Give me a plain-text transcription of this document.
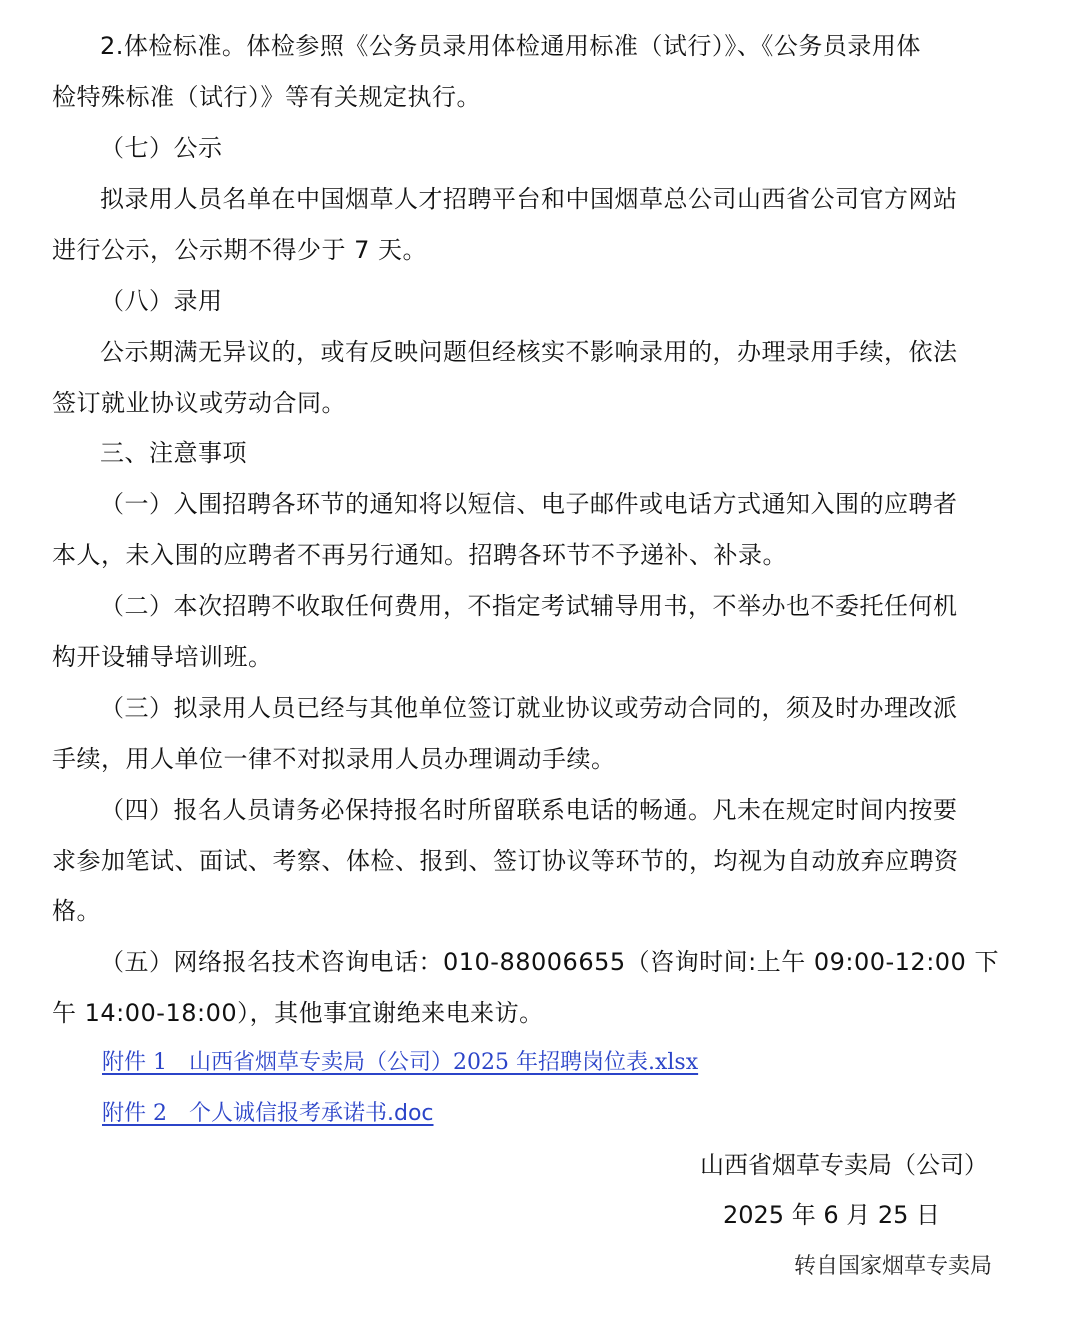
2.体检标准。体检参照《公务员录用体检通用标准（试行）》、《公务员录用体
检特殊标准（试行）》等有关规定执行。
（七）公示
拟录用人员名单在中国烟草人才招聘平台和中国烟草总公司山西省公司官方网站
进行公示，公示期不得少于 7 天。
（八）录用
公示期满无异议的，或有反映问题但经核实不影响录用的，办理录用手续，依法
签订就业协议或劳动合同。
三、注意事项
（一）入围招聘各环节的通知将以短信、电子邮件或电话方式通知入围的应聘者
本人，未入围的应聘者不再另行通知。招聘各环节不予递补、补录。
（二）本次招聘不收取任何费用，不指定考试辅导用书，不举办也不委托任何机
构开设辅导培训班。
（三）拟录用人员已经与其他单位签订就业协议或劳动合同的，须及时办理改派
手续，用人单位一律不对拟录用人员办理调动手续。
（四）报名人员请务必保持报名时所留联系电话的畅通。凡未在规定时间内按要
求参加笔试、面试、考察、体检、报到、签订协议等环节的，均视为自动放弃应聘资
格。
（五）网络报名技术咨询电话：010-88006655（咨询时间:上午 09:00-12:00 下
午 14:00-18:00），其他事宜谢绝来电来访。
附件 1　山西省烟草专卖局（公司）2025 年招聘岗位表.xlsx
附件 2　个人诚信报考承诺书.doc
山西省烟草专卖局（公司）
2025 年 6 月 25 日
转自国家烟草专卖局
